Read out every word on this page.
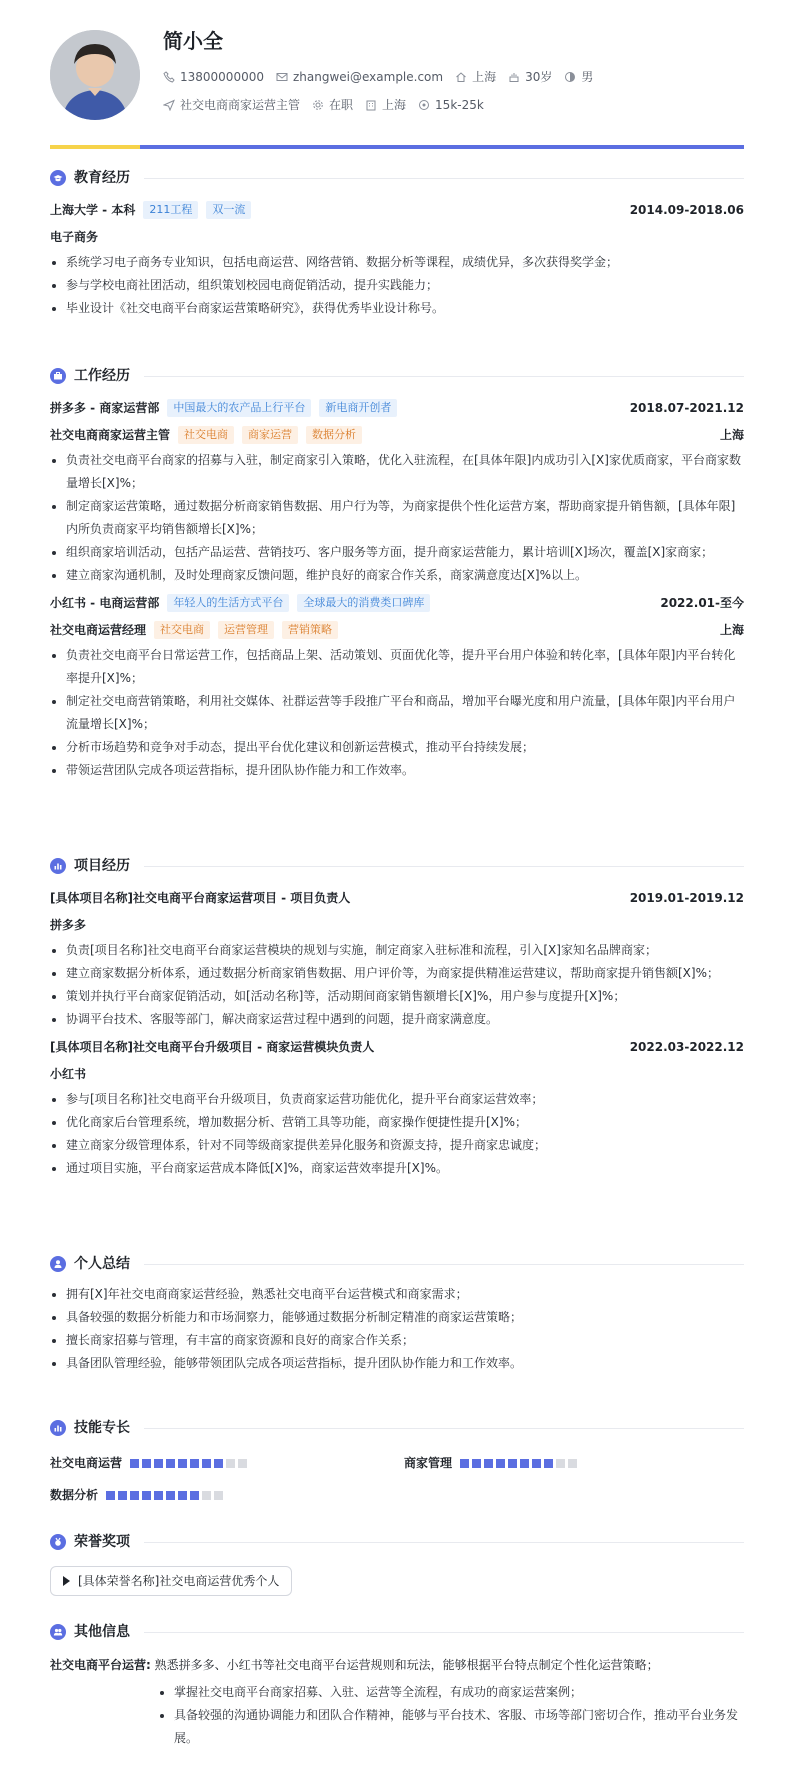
简小全
13800000000 zhangwei@example.com 上海 30岁 男
社交电商商家运营主管 在职 上海 15k-25k
教育经历
上海大学 - 本科	211工程	双一流	2014.09-2018.06
电子商务
系统学习电子商务专业知识，包括电商运营、网络营销、数据分析等课程，成绩优异，多次获得奖学金；
参与学校电商社团活动，组织策划校园电商促销活动，提升实践能力；
毕业设计《社交电商平台商家运营策略研究》，获得优秀毕业设计称号。
工作经历
拼多多 - 商家运营部	中国最大的农产品上行平台	新电商开创者	2018.07-2021.12
社交电商商家运营主管	社交电商	商家运营	数据分析	上海
负责社交电商平台商家的招募与入驻，制定商家引入策略，优化入驻流程，在[具体年限]内成功引入[X]家优质商家，平台商家数量增长[X]%；
制定商家运营策略，通过数据分析商家销售数据、用户行为等，为商家提供个性化运营方案，帮助商家提升销售额，[具体年限]内所负责商家平均销售额增长[X]%；
组织商家培训活动，包括产品运营、营销技巧、客户服务等方面，提升商家运营能力，累计培训[X]场次，覆盖[X]家商家；
建立商家沟通机制，及时处理商家反馈问题，维护良好的商家合作关系，商家满意度达[X]%以上。
小红书 - 电商运营部	年轻人的生活方式平台	全球最大的消费类口碑库	2022.01-至今
社交电商运营经理	社交电商	运营管理	营销策略	上海
负责社交电商平台日常运营工作，包括商品上架、活动策划、页面优化等，提升平台用户体验和转化率，[具体年限]内平台转化率提升[X]%；
制定社交电商营销策略，利用社交媒体、社群运营等手段推广平台和商品，增加平台曝光度和用户流量，[具体年限]内平台用户流量增长[X]%；
分析市场趋势和竞争对手动态，提出平台优化建议和创新运营模式，推动平台持续发展；
带领运营团队完成各项运营指标，提升团队协作能力和工作效率。
项目经历
[具体项目名称]社交电商平台商家运营项目 - 项目负责人	2019.01-2019.12
拼多多
负责[项目名称]社交电商平台商家运营模块的规划与实施，制定商家入驻标准和流程，引入[X]家知名品牌商家；
建立商家数据分析体系，通过数据分析商家销售数据、用户评价等，为商家提供精准运营建议，帮助商家提升销售额[X]%；
策划并执行平台商家促销活动，如[活动名称]等，活动期间商家销售额增长[X]%，用户参与度提升[X]%；
协调平台技术、客服等部门，解决商家运营过程中遇到的问题，提升商家满意度。
[具体项目名称]社交电商平台升级项目 - 商家运营模块负责人	2022.03-2022.12
小红书
参与[项目名称]社交电商平台升级项目，负责商家运营功能优化，提升平台商家运营效率；
优化商家后台管理系统，增加数据分析、营销工具等功能，商家操作便捷性提升[X]%；
建立商家分级管理体系，针对不同等级商家提供差异化服务和资源支持，提升商家忠诚度；
通过项目实施，平台商家运营成本降低[X]%，商家运营效率提升[X]%。
个人总结
拥有[X]年社交电商商家运营经验，熟悉社交电商平台运营模式和商家需求；
具备较强的数据分析能力和市场洞察力，能够通过数据分析制定精准的商家运营策略；
擅长商家招募与管理，有丰富的商家资源和良好的商家合作关系；
具备团队管理经验，能够带领团队完成各项运营指标，提升团队协作能力和工作效率。
技能专长
社交电商运营	商家管理
数据分析
荣誉奖项
[具体荣誉名称]社交电商运营优秀个人
其他信息
社交电商平台运营: 熟悉拼多多、小红书等社交电商平台运营规则和玩法，能够根据平台特点制定个性化运营策略；
掌握社交电商平台商家招募、入驻、运营等全流程，有成功的商家运营案例；
具备较强的沟通协调能力和团队合作精神，能够与平台技术、客服、市场等部门密切合作，推动平台业务发展。
